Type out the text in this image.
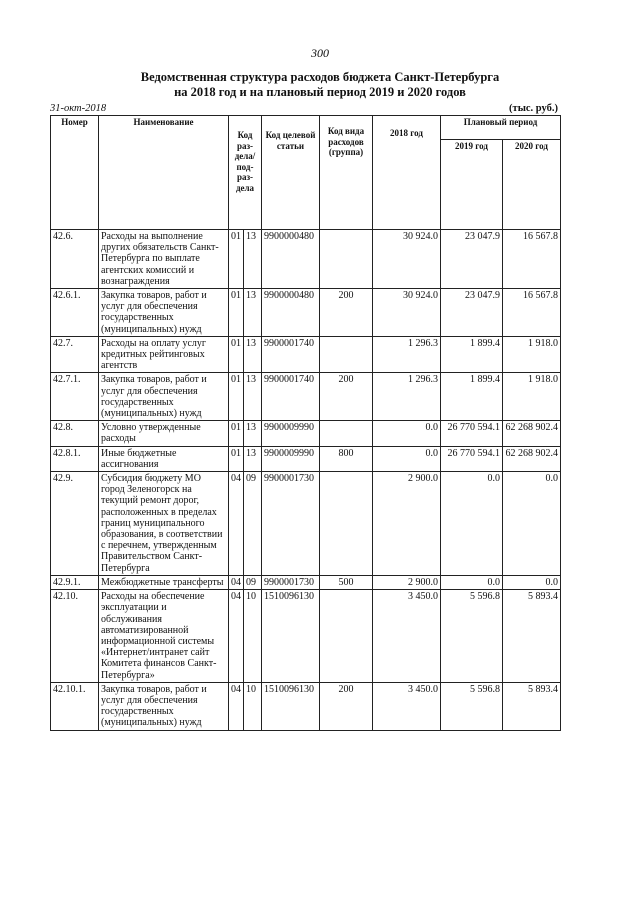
300
Ведомственная структура расходов бюджета Санкт-Петербурга
на 2018 год и на плановый период 2019 и 2020 годов
31-окт-2018	(тыс. руб.)
Номер	Наименование	Код раз-дела/ под-раз-дела		Код целевой статьи	Код вида расходов (группа)	2018 год	Плановый период	
							2019 год	2020 год
42.6.	Расходы на выполнение других обязательств Санкт-Петербурга по выплате агентских комиссий и вознаграждения	01	13	9900000480		30 924.0	23 047.9	16 567.8
42.6.1.	Закупка товаров, работ и услуг для обеспечения государственных (муниципальных) нужд	01	13	9900000480	200	30 924.0	23 047.9	16 567.8
42.7.	Расходы на оплату услуг кредитных рейтинговых агентств	01	13	9900001740		1 296.3	1 899.4	1 918.0
42.7.1.	Закупка товаров, работ и услуг для обеспечения государственных (муниципальных) нужд	01	13	9900001740	200	1 296.3	1 899.4	1 918.0
42.8.	Условно утвержденные расходы	01	13	9900009990		0.0	26 770 594.1	62 268 902.4
42.8.1.	Иные бюджетные ассигнования	01	13	9900009990	800	0.0	26 770 594.1	62 268 902.4
42.9.	Субсидия бюджету МО город Зеленогорск на текущий ремонт дорог, расположенных в пределах границ муниципального образования, в соответствии с перечнем, утвержденным Правительством Санкт-Петербурга	04	09	9900001730		2 900.0	0.0	0.0
42.9.1.	Межбюджетные трансферты	04	09	9900001730	500	2 900.0	0.0	0.0
42.10.	Расходы на обеспечение эксплуатации и обслуживания автоматизированной информационной системы «Интернет/интранет сайт Комитета финансов Санкт-Петербурга»	04	10	1510096130		3 450.0	5 596.8	5 893.4
42.10.1.	Закупка товаров, работ и услуг для обеспечения государственных (муниципальных) нужд	04	10	1510096130	200	3 450.0	5 596.8	5 893.4
